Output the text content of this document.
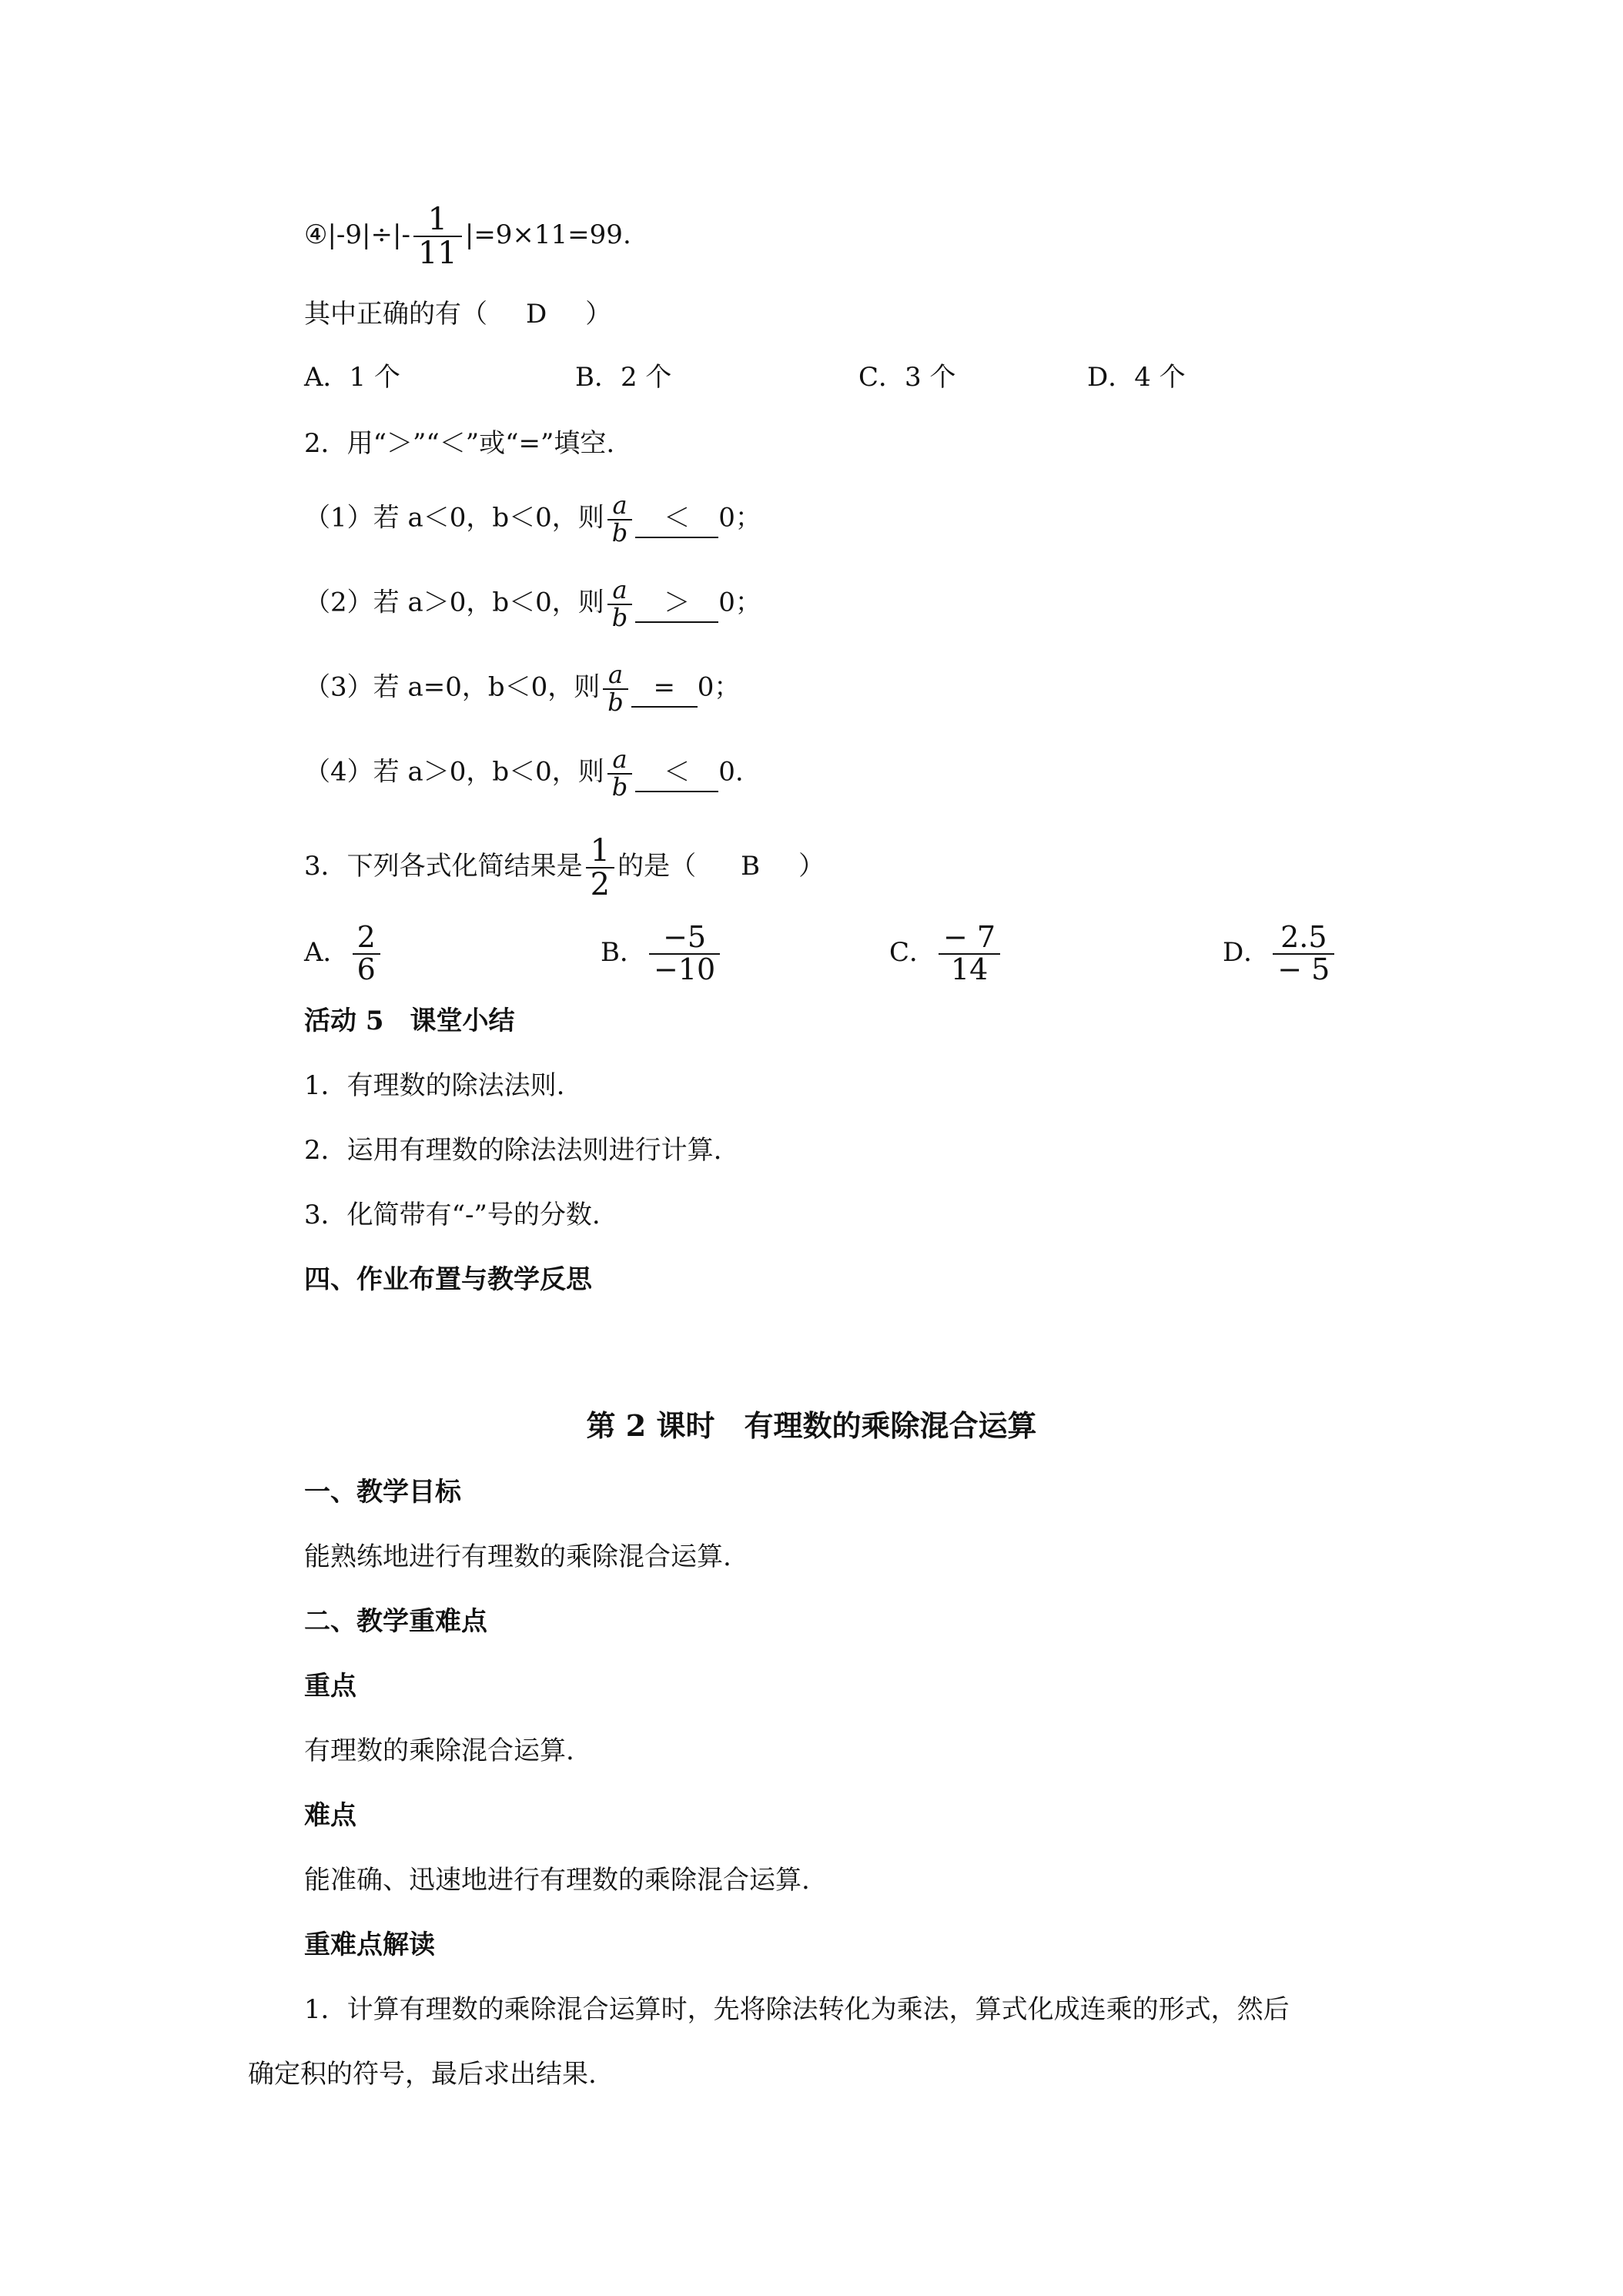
④|-9|÷|- $\frac{1}{11} |=9\times 11=99$.
其中正确的有（ D ）
A．1 个	B．2 个	C．3 个	D．4 个
2．用“＞”“＜”或“=”填空.
（1）若 a＜0，b＜0，则 $\frac{a}{b} < 0$；
（2）若 a＞0，b＜0，则 $\frac{a}{b} > 0$；
（3）若 a=0，b＜0，则 $\frac{a}{b} = 0$；
（4）若 a＞0，b＜0，则 $\frac{a}{b} < 0$.
3．下列各式化简结果是 $\frac{1}{2}$ 的是（ B ）
A． $\frac{2}{6}$	B． $\frac{-5}{-10}$	C． $\frac{- 7}{14}$	D． $\frac{2.5}{- 5}$
活动 5　课堂小结
1．有理数的除法法则.
2．运用有理数的除法法则进行计算.
3．化简带有“-”号的分数.
四、作业布置与教学反思
第 2 课时　有理数的乘除混合运算
一、教学目标
能熟练地进行有理数的乘除混合运算.
二、教学重难点
重点
有理数的乘除混合运算.
难点
能准确、迅速地进行有理数的乘除混合运算.
重难点解读
1．计算有理数的乘除混合运算时，先将除法转化为乘法，算式化成连乘的形式，然后
确定积的符号，最后求出结果.
